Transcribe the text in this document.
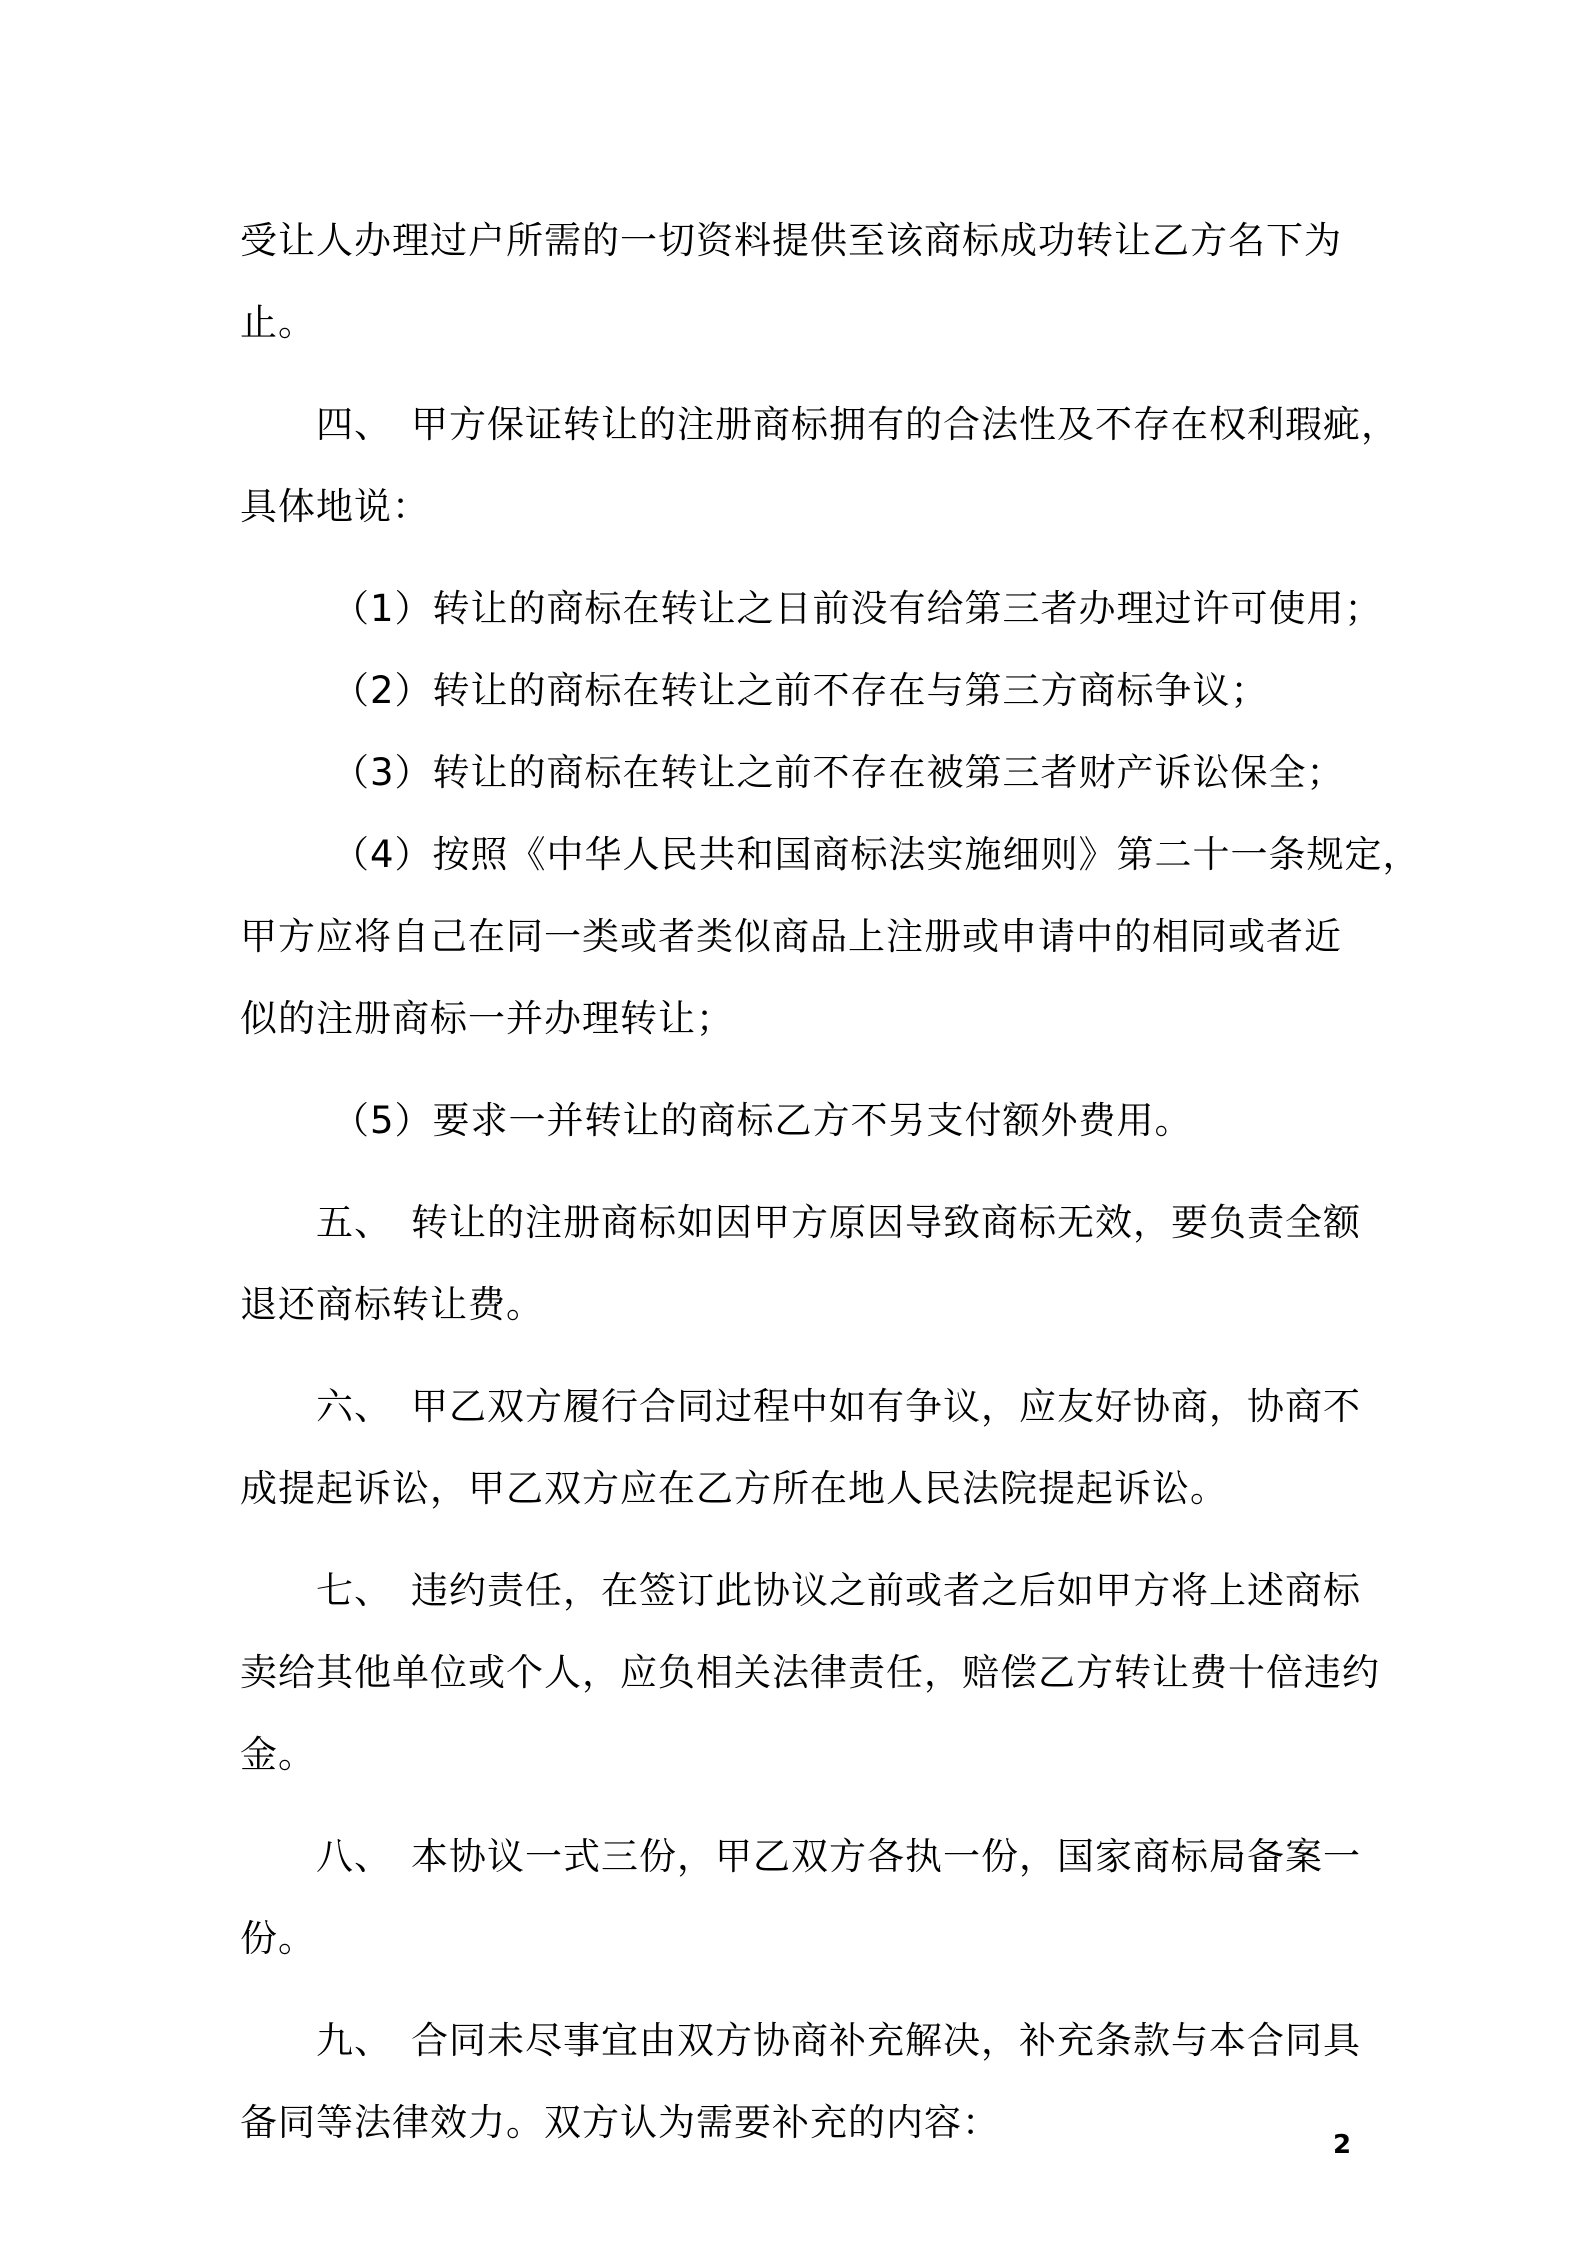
受让人办理过户所需的一切资料提供至该商标成功转让乙方名下为
止。
四、 甲方保证转让的注册商标拥有的合法性及不存在权利瑕疵，
具体地说：
（1）转让的商标在转让之日前没有给第三者办理过许可使用；
（2）转让的商标在转让之前不存在与第三方商标争议；
（3）转让的商标在转让之前不存在被第三者财产诉讼保全；
（4）按照《中华人民共和国商标法实施细则》第二十一条规定，
甲方应将自己在同一类或者类似商品上注册或申请中的相同或者近
似的注册商标一并办理转让；
（5）要求一并转让的商标乙方不另支付额外费用。
五、 转让的注册商标如因甲方原因导致商标无效，要负责全额
退还商标转让费。
六、 甲乙双方履行合同过程中如有争议，应友好协商，协商不
成提起诉讼，甲乙双方应在乙方所在地人民法院提起诉讼。
七、 违约责任，在签订此协议之前或者之后如甲方将上述商标
卖给其他单位或个人，应负相关法律责任，赔偿乙方转让费十倍违约
金。
八、 本协议一式三份，甲乙双方各执一份，国家商标局备案一
份。
九、 合同未尽事宜由双方协商补充解决，补充条款与本合同具
备同等法律效力。双方认为需要补充的内容：
2
